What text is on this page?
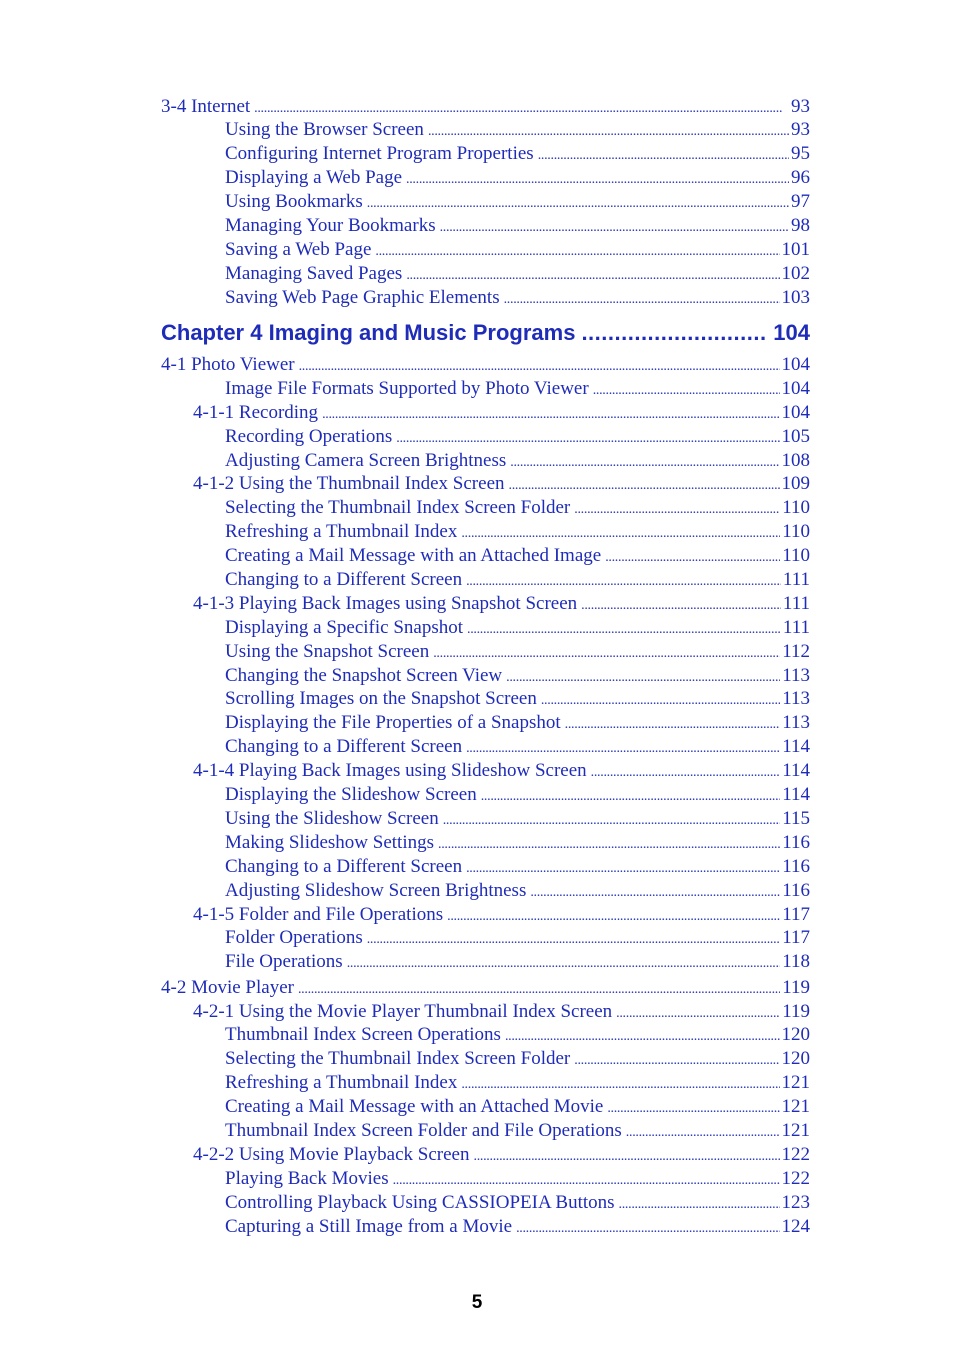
3-4 Internet . . .	93
Using the Browser Screen . . .	93
Configuring Internet Program Properties . . .	95
Displaying a Web Page . . .	96
Using Bookmarks . . .	97
Managing Your Bookmarks . . .	98
Saving a Web Page . . .	101
Managing Saved Pages . . .	102
Saving Web Page Graphic Elements . . .	103
Chapter 4 Imaging and Music Programs .....	104
4-1 Photo Viewer . . .	104
Image File Formats Supported by Photo Viewer . . .	104
4-1-1 Recording . . .	104
Recording Operations . . .	105
Adjusting Camera Screen Brightness . . .	108
4-1-2 Using the Thumbnail Index Screen . . .	109
Selecting the Thumbnail Index Screen Folder . . .	110
Refreshing a Thumbnail Index . . .	110
Creating a Mail Message with an Attached Image . . .	110
Changing to a Different Screen . . .	111
4-1-3 Playing Back Images using Snapshot Screen . . .	111
Displaying a Specific Snapshot . . .	111
Using the Snapshot Screen . . .	112
Changing the Snapshot Screen View . . .	113
Scrolling Images on the Snapshot Screen . . .	113
Displaying the File Properties of a Snapshot . . .	113
Changing to a Different Screen . . .	114
4-1-4 Playing Back Images using Slideshow Screen . . .	114
Displaying the Slideshow Screen . . .	114
Using the Slideshow Screen . . .	115
Making Slideshow Settings . . .	116
Changing to a Different Screen . . .	116
Adjusting Slideshow Screen Brightness . . .	116
4-1-5 Folder and File Operations . . .	117
Folder Operations . . .	117
File Operations . . .	118
4-2 Movie Player . . .	119
4-2-1 Using the Movie Player Thumbnail Index Screen . . .	119
Thumbnail Index Screen Operations . . .	120
Selecting the Thumbnail Index Screen Folder . . .	120
Refreshing a Thumbnail Index . . .	121
Creating a Mail Message with an Attached Movie . . .	121
Thumbnail Index Screen Folder and File Operations . . .	121
4-2-2 Using Movie Playback Screen . . .	122
Playing Back Movies . . .	122
Controlling Playback Using CASSIOPEIA Buttons . . .	123
Capturing a Still Image from a Movie . . .	124
5
